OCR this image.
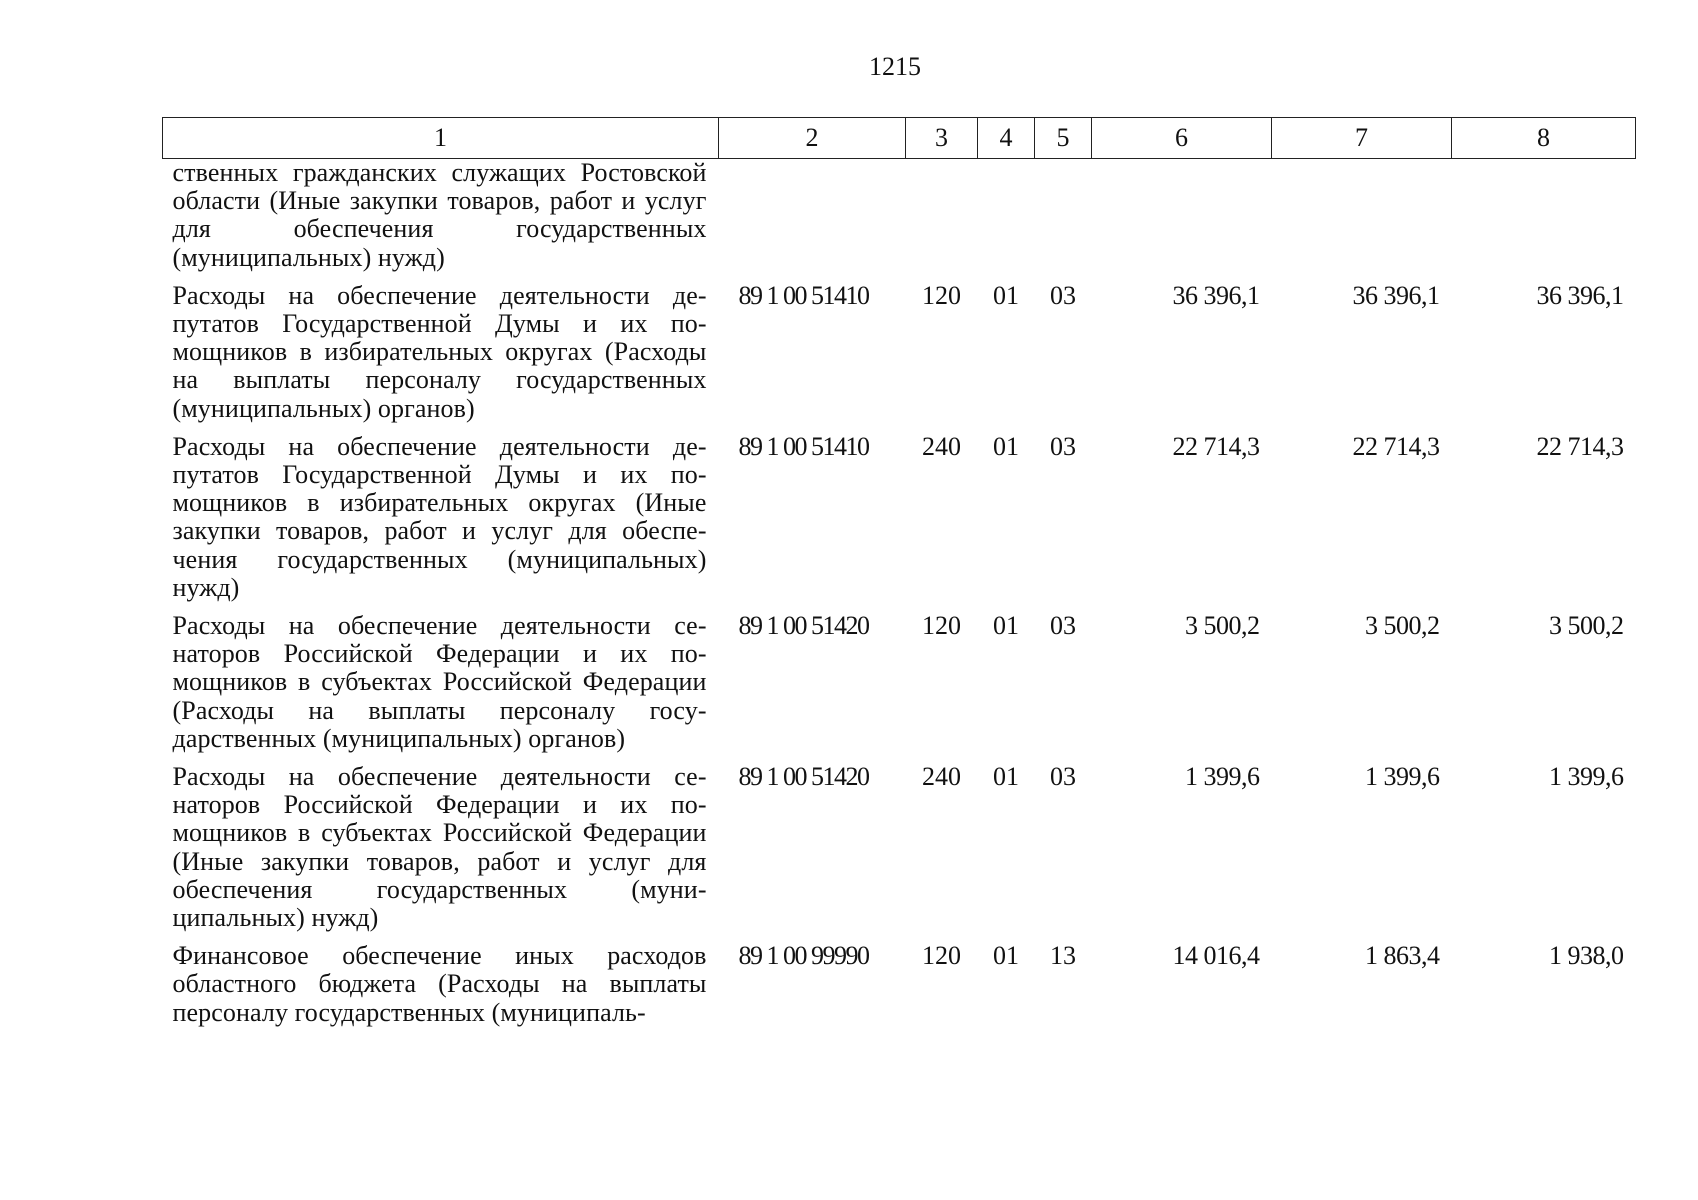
1215
1	2	3	4	5	6	7	8
ственных гражданских служащих Ростовской области (Иные закупки товаров, работ и услуг для обеспечения государственных (муниципальных) нужд)							
Расходы на обеспечение деятельности депутатов Государственной Думы и их помощников в избирательных округах (Расходы на выплаты персоналу государственных (муниципальных) органов)	89 1 00 51410	120	01	03	36 396,1	36 396,1	36 396,1
Расходы на обеспечение деятельности депутатов Государственной Думы и их помощников в избирательных округах (Иные закупки товаров, работ и услуг для обеспечения государственных (муниципальных) нужд)	89 1 00 51410	240	01	03	22 714,3	22 714,3	22 714,3
Расходы на обеспечение деятельности сенаторов Российской Федерации и их помощников в субъектах Российской Федерации (Расходы на выплаты персоналу государственных (муниципальных) органов)	89 1 00 51420	120	01	03	3 500,2	3 500,2	3 500,2
Расходы на обеспечение деятельности сенаторов Российской Федерации и их помощников в субъектах Российской Федерации (Иные закупки товаров, работ и услуг для обеспечения государственных (муниципальных) нужд)	89 1 00 51420	240	01	03	1 399,6	1 399,6	1 399,6
Финансовое обеспечение иных расходов областного бюджета (Расходы на выплаты персоналу государственных (муниципаль-	89 1 00 99990	120	01	13	14 016,4	1 863,4	1 938,0
